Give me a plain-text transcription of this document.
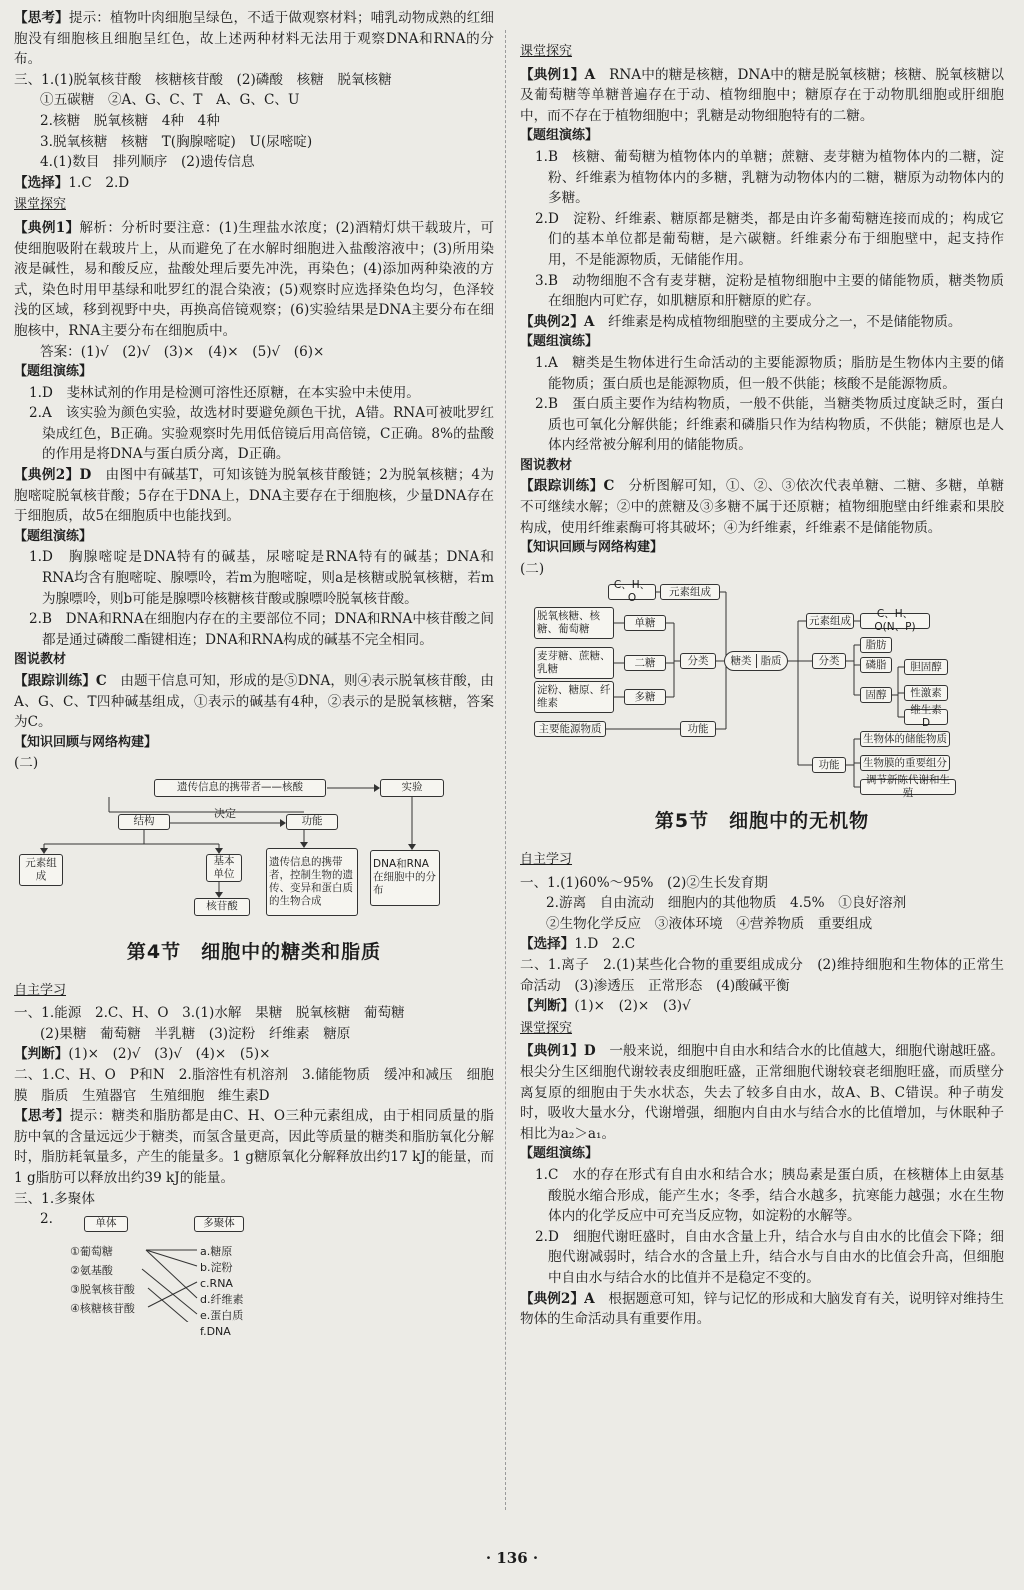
【思考】提示：植物叶肉细胞呈绿色，不适于做观察材料；哺乳动物成熟的红细胞没有细胞核且细胞呈红色，故上述两种材料无法用于观察DNA和RNA的分布。

三、1.(1)脱氧核苷酸　核糖核苷酸　(2)磷酸　核糖　脱氧核糖

①五碳糖　②A、G、C、T　A、G、C、U

2.核糖　脱氧核糖　4种　4种

3.脱氧核糖　核糖　T(胸腺嘧啶)　U(尿嘧啶)

4.(1)数目　排列顺序　(2)遗传信息

【选择】1.C　2.D

课堂探究

【典例1】解析：分析时要注意：(1)生理盐水浓度；(2)酒精灯烘干载玻片，可使细胞吸附在载玻片上，从而避免了在水解时细胞进入盐酸溶液中；(3)所用染液是碱性，易和酸反应，盐酸处理后要先冲洗，再染色；(4)添加两种染液的方式，染色时用甲基绿和吡罗红的混合染液；(5)观察时应选择染色均匀，色泽较浅的区域，移到视野中央，再换高倍镜观察；(6)实验结果是DNA主要分布在细胞核中，RNA主要分布在细胞质中。

答案：(1)√　(2)√　(3)×　(4)×　(5)√　(6)×

【题组演练】

1.D　斐林试剂的作用是检测可溶性还原糖，在本实验中未使用。

2.A　该实验为颜色实验，故选材时要避免颜色干扰，A错。RNA可被吡罗红染成红色，B正确。实验观察时先用低倍镜后用高倍镜，C正确。8%的盐酸的作用是将DNA与蛋白质分离，D正确。

【典例2】D　由图中有碱基T，可知该链为脱氧核苷酸链；2为脱氧核糖；4为胞嘧啶脱氧核苷酸；5存在于DNA上，DNA主要存在于细胞核，少量DNA存在于细胞质，故5在细胞质中也能找到。

【题组演练】

1.D　胸腺嘧啶是DNA特有的碱基，尿嘧啶是RNA特有的碱基；DNA和RNA均含有胞嘧啶、腺嘌呤，若m为胞嘧啶，则a是核糖或脱氧核糖，若m为腺嘌呤，则b可能是腺嘌呤核糖核苷酸或腺嘌呤脱氧核苷酸。

2.B　DNA和RNA在细胞内存在的主要部位不同；DNA和RNA中核苷酸之间都是通过磷酸二酯键相连；DNA和RNA构成的碱基不完全相同。

图说教材

【跟踪训练】C　由题干信息可知，形成的是⑤DNA，则④表示脱氧核苷酸，由A、G、C、T四种碱基组成，①表示的碱基有4种，②表示的是脱氧核糖，答案为C。

【知识回顾与网络构建】
(二)
遗传信息的携带者——核酸	实验
决定
结构	功能
元素组成
基本单位
核苷酸
遗传信息的携带者，控制生物的遗传、变异和蛋白质的生物合成
DNA和RNA在细胞中的分布
第4节　细胞中的糖类和脂质
自主学习

一、1.能源　2.C、H、O　3.(1)水解　果糖　脱氧核糖　葡萄糖

(2)果糖　葡萄糖　半乳糖　(3)淀粉　纤维素　糖原

【判断】(1)×　(2)√　(3)√　(4)×　(5)×

二、1.C、H、O　P和N　2.脂溶性有机溶剂　3.储能物质　缓冲和减压　细胞膜　脂质　生殖器官　生殖细胞　维生素D

【思考】提示：糖类和脂肪都是由C、H、O三种元素组成，由于相同质量的脂肪中氧的含量远远少于糖类，而氢含量更高，因此等质量的糖类和脂肪氧化分解时，脂肪耗氧量多，产生的能量多。1 g糖原氧化分解释放出约17 kJ的能量，而1 g脂肪可以释放出约39 kJ的能量。

三、1.多聚体

2.	单体	多聚体
①葡萄糖
②氨基酸
③脱氧核苷酸
④核糖核苷酸
a.糖原
b.淀粉
c.RNA
d.纤维素
e.蛋白质
f.DNA
课堂探究

【典例1】A　RNA中的糖是核糖，DNA中的糖是脱氧核糖；核糖、脱氧核糖以及葡萄糖等单糖普遍存在于动、植物细胞中；糖原存在于动物肌细胞或肝细胞中，而不存在于植物细胞中；乳糖是动物细胞特有的二糖。

【题组演练】

1.B　核糖、葡萄糖为植物体内的单糖；蔗糖、麦芽糖为植物体内的二糖，淀粉、纤维素为植物体内的多糖，乳糖为动物体内的二糖，糖原为动物体内的多糖。

2.D　淀粉、纤维素、糖原都是糖类，都是由许多葡萄糖连接而成的；构成它们的基本单位都是葡萄糖，是六碳糖。纤维素分布于细胞壁中，起支持作用，不是能源物质，无储能作用。

3.B　动物细胞不含有麦芽糖，淀粉是植物细胞中主要的储能物质，糖类物质在细胞内可贮存，如肌糖原和肝糖原的贮存。

【典例2】A　纤维素是构成植物细胞壁的主要成分之一，不是储能物质。

【题组演练】

1.A　糖类是生物体进行生命活动的主要能源物质；脂肪是生物体内主要的储能物质；蛋白质也是能源物质，但一般不供能；核酸不是能源物质。

2.B　蛋白质主要作为结构物质，一般不供能，当糖类物质过度缺乏时，蛋白质也可氧化分解供能；纤维素和磷脂只作为结构物质，不供能；糖原也是人体内经常被分解利用的储能物质。

图说教材

【跟踪训练】C　分析图解可知，①、②、③依次代表单糖、二糖、多糖，单糖不可继续水解；②中的蔗糖及③多糖不属于还原糖；植物细胞壁由纤维素和果胶构成，使用纤维素酶可将其破坏；④为纤维素，纤维素不是储能物质。

【知识回顾与网络构建】
(二)
C、H、O
元素组成
脱氧核糖、核糖、葡萄糖
单糖
麦芽糖、蔗糖、乳糖
二糖
淀粉、糖原、纤维素
多糖
分类	糖类 脂质
主要能源物质	功能
元素组成
C、H、O(N、P)
分类
脂肪
磷脂
固醇
胆固醇
性激素
维生素D
功能
生物体的储能物质
生物膜的重要组分
调节新陈代谢和生殖
第5节　细胞中的无机物
自主学习

一、1.(1)60%～95%　(2)②生长发育期

2.游离　自由流动　细胞内的其他物质　4.5%　①良好溶剂

②生物化学反应　③液体环境　④营养物质　重要组成

【选择】1.D　2.C

二、1.离子　2.(1)某些化合物的重要组成成分　(2)维持细胞和生物体的正常生命活动　(3)渗透压　正常形态　(4)酸碱平衡

【判断】(1)×　(2)×　(3)√

课堂探究

【典例1】D　一般来说，细胞中自由水和结合水的比值越大，细胞代谢越旺盛。根尖分生区细胞代谢较表皮细胞旺盛，正常细胞代谢较衰老细胞旺盛，而质壁分离复原的细胞由于失水状态，失去了较多自由水，故A、B、C错误。种子萌发时，吸收大量水分，代谢增强，细胞内自由水与结合水的比值增加，与休眠种子相比为a₂＞a₁。

【题组演练】

1.C　水的存在形式有自由水和结合水；胰岛素是蛋白质，在核糖体上由氨基酸脱水缩合形成，能产生水；冬季，结合水越多，抗寒能力越强；水在生物体内的化学反应中可充当反应物，如淀粉的水解等。

2.D　细胞代谢旺盛时，自由水含量上升，结合水与自由水的比值会下降；细胞代谢减弱时，结合水的含量上升，结合水与自由水的比值会升高，但细胞中自由水与结合水的比值并不是稳定不变的。

【典例2】A　根据题意可知，锌与记忆的形成和大脑发育有关，说明锌对维持生物体的生命活动具有重要作用。

· 136 ·
